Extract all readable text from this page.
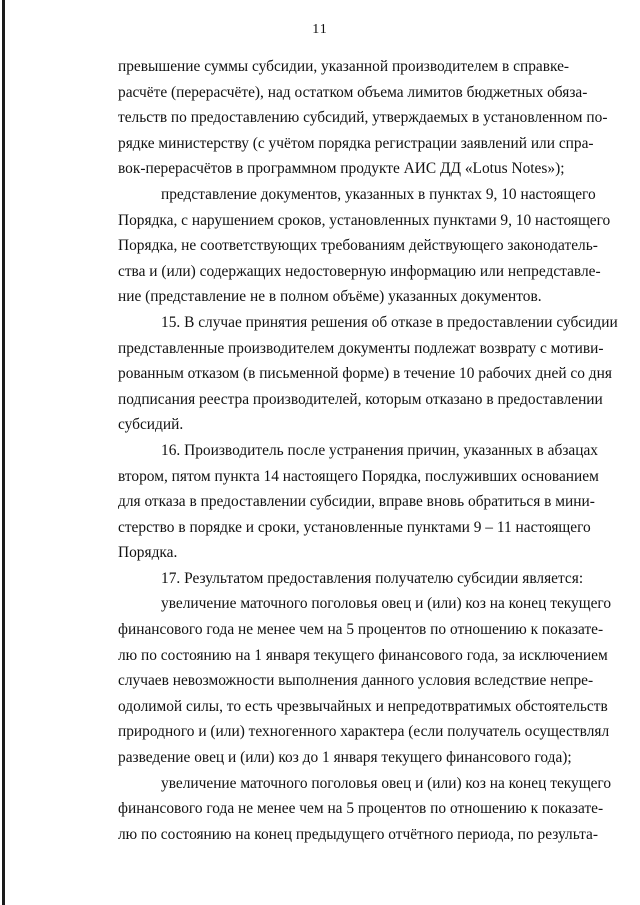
11
превышение суммы субсидии, указанной производителем в справке-
расчёте (перерасчёте), над остатком объема лимитов бюджетных обяза-
тельств по предоставлению субсидий, утверждаемых в установленном по-
рядке министерству (с учётом порядка регистрации заявлений или спра-
вок-перерасчётов в программном продукте АИС ДД «Lotus Notes»);
представление документов, указанных в пунктах 9, 10 настоящего
Порядка, с нарушением сроков, установленных пунктами 9, 10 настоящего
Порядка, не соответствующих требованиям действующего законодатель-
ства и (или) содержащих недостоверную информацию или непредставле-
ние (представление не в полном объёме) указанных документов.
15. В случае принятия решения об отказе в предоставлении субсидии
представленные производителем документы подлежат возврату с мотиви-
рованным отказом (в письменной форме) в течение 10 рабочих дней со дня
подписания реестра производителей, которым отказано в предоставлении
субсидий.
16. Производитель после устранения причин, указанных в абзацах
втором, пятом пункта 14 настоящего Порядка, послуживших основанием
для отказа в предоставлении субсидии, вправе вновь обратиться в мини-
стерство в порядке и сроки, установленные пунктами 9 – 11 настоящего
Порядка.
17. Результатом предоставления получателю субсидии является:
увеличение маточного поголовья овец и (или) коз на конец текущего
финансового года не менее чем на 5 процентов по отношению к показате-
лю по состоянию на 1 января текущего финансового года, за исключением
случаев невозможности выполнения данного условия вследствие непре-
одолимой силы, то есть чрезвычайных и непредотвратимых обстоятельств
природного и (или) техногенного характера (если получатель осуществлял
разведение овец и (или) коз до 1 января текущего финансового года);
увеличение маточного поголовья овец и (или) коз на конец текущего
финансового года не менее чем на 5 процентов по отношению к показате-
лю по состоянию на конец предыдущего отчётного периода, по результа-
